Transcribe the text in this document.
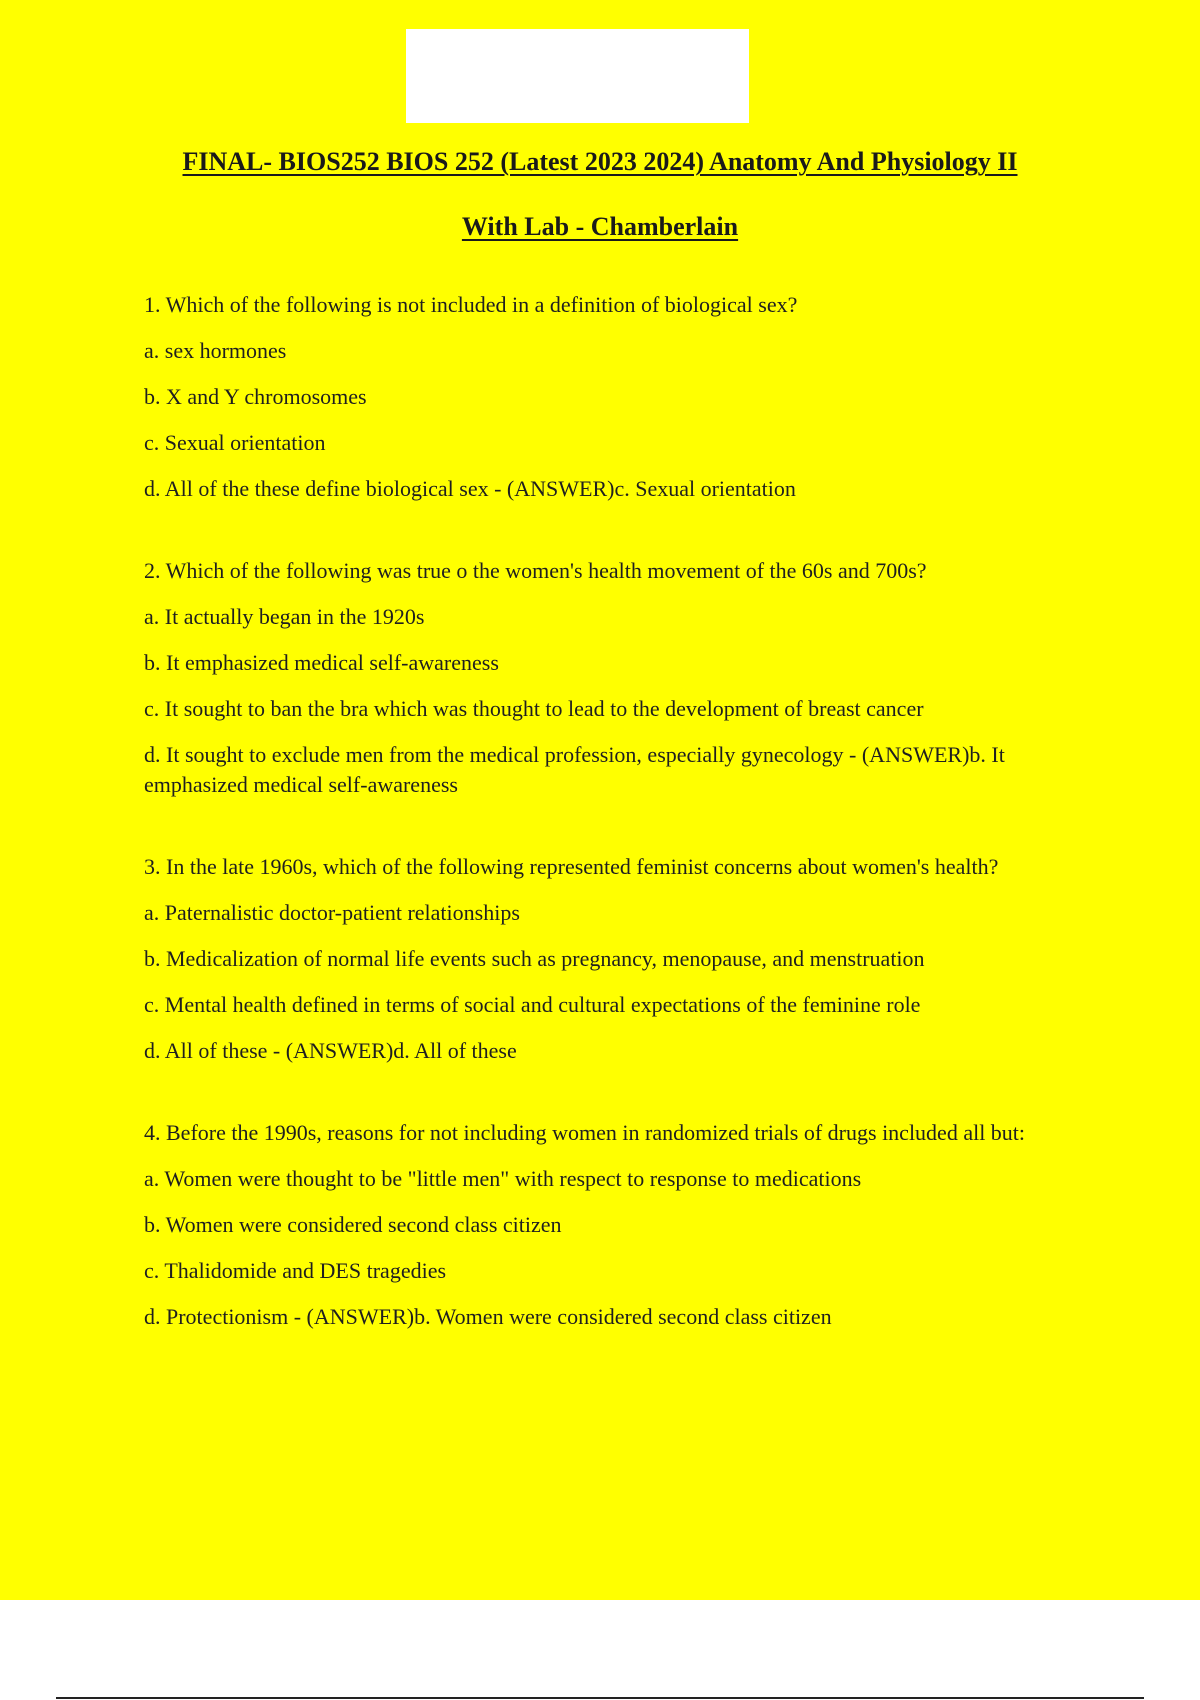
FINAL- BIOS252 BIOS 252 (Latest 2023 2024) Anatomy And Physiology II
With Lab - Chamberlain

1. Which of the following is not included in a definition of biological sex?

a. sex hormones

b. X and Y chromosomes

c. Sexual orientation

d. All of the these define biological sex - (ANSWER)c. Sexual orientation

2. Which of the following was true o the women's health movement of the 60s and 700s?

a. It actually began in the 1920s

b. It emphasized medical self-awareness

c. It sought to ban the bra which was thought to lead to the development of breast cancer

d. It sought to exclude men from the medical profession, especially gynecology - (ANSWER)b. It emphasized medical self-awareness

3. In the late 1960s, which of the following represented feminist concerns about women's health?

a. Paternalistic doctor-patient relationships

b. Medicalization of normal life events such as pregnancy, menopause, and menstruation

c. Mental health defined in terms of social and cultural expectations of the feminine role

d. All of these - (ANSWER)d. All of these

4. Before the 1990s, reasons for not including women in randomized trials of drugs included all but:

a. Women were thought to be "little men" with respect to response to medications

b. Women were considered second class citizen

c. Thalidomide and DES tragedies

d. Protectionism - (ANSWER)b. Women were considered second class citizen
